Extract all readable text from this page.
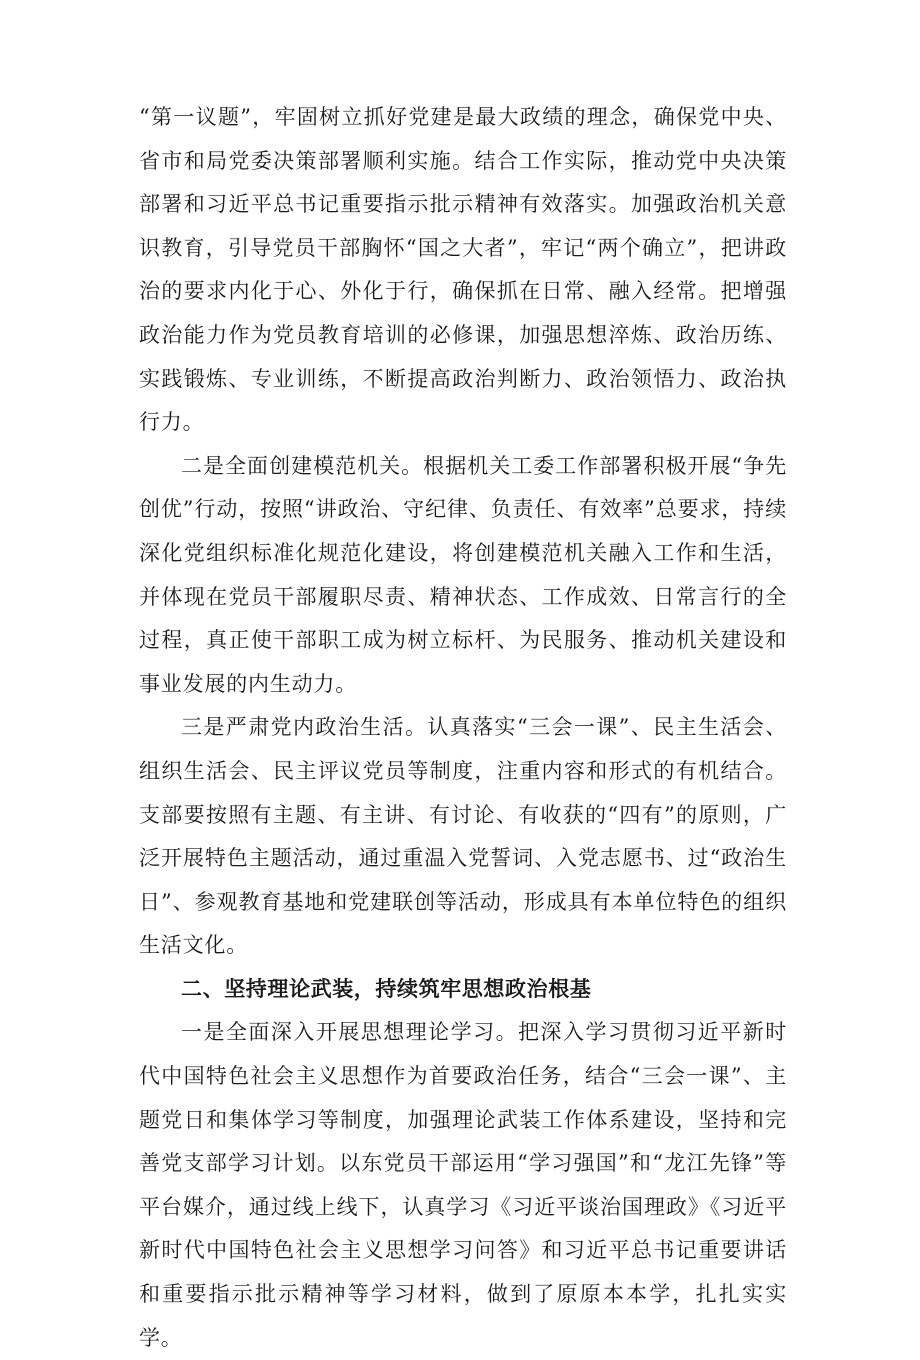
“第一议题”，牢固树立抓好党建是最大政绩的理念，确保党中央、省市和局党委决策部署顺利实施。结合工作实际，推动党中央决策部署和习近平总书记重要指示批示精神有效落实。加强政治机关意识教育，引导党员干部胸怀“国之大者”，牢记“两个确立”，把讲政治的要求内化于心、外化于行，确保抓在日常、融入经常。把增强政治能力作为党员教育培训的必修课，加强思想淬炼、政治历练、实践锻炼、专业训练，不断提高政治判断力、政治领悟力、政治执行力。

二是全面创建模范机关。根据机关工委工作部署积极开展“争先创优”行动，按照“讲政治、守纪律、负责任、有效率”总要求，持续深化党组织标准化规范化建设，将创建模范机关融入工作和生活，并体现在党员干部履职尽责、精神状态、工作成效、日常言行的全过程，真正使干部职工成为树立标杆、为民服务、推动机关建设和事业发展的内生动力。

三是严肃党内政治生活。认真落实“三会一课”、民主生活会、组织生活会、民主评议党员等制度，注重内容和形式的有机结合。支部要按照有主题、有主讲、有讨论、有收获的“四有”的原则，广泛开展特色主题活动，通过重温入党誓词、入党志愿书、过“政治生日”、参观教育基地和党建联创等活动，形成具有本单位特色的组织生活文化。

二、坚持理论武装，持续筑牢思想政治根基

一是全面深入开展思想理论学习。把深入学习贯彻习近平新时代中国特色社会主义思想作为首要政治任务，结合“三会一课”、主题党日和集体学习等制度，加强理论武装工作体系建设，坚持和完善党支部学习计划。以东党员干部运用“学习强国”和“龙江先锋”等平台媒介，通过线上线下，认真学习《习近平谈治国理政》《习近平新时代中国特色社会主义思想学习问答》和习近平总书记重要讲话和重要指示批示精神等学习材料，做到了原原本本学，扎扎实实学。
